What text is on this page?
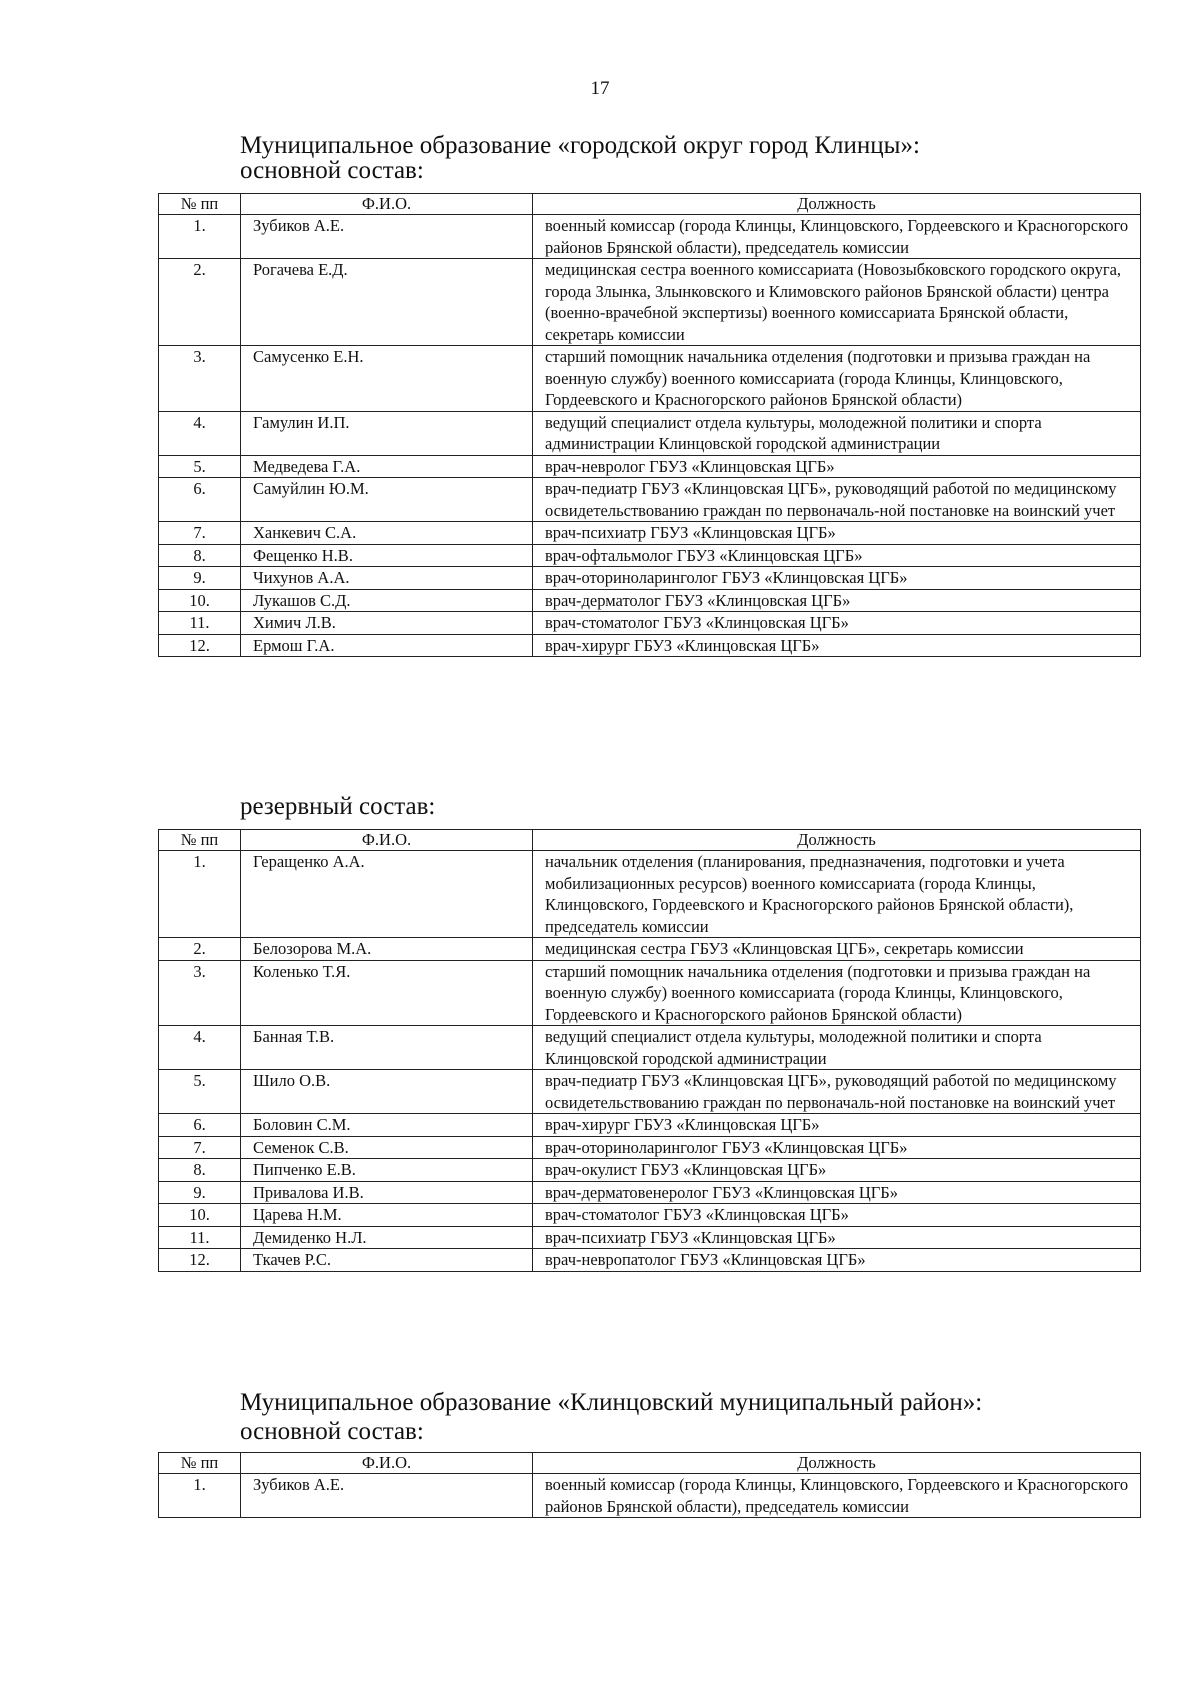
17
Муниципальное образование «городской округ город Клинцы»:
основной состав:
№ пп	Ф.И.О.	Должность
1.	Зубиков А.Е.	военный комиссар (города Клинцы, Клинцовского, Гордеевского и Красногорского районов Брянской области), председатель комиссии
2.	Рогачева Е.Д.	медицинская сестра военного комиссариата (Новозыбковского городского округа, города Злынка, Злынковского и Климовского районов Брянской области) центра (военно-врачебной экспертизы) военного комиссариата Брянской области, секретарь комиссии
3.	Самусенко Е.Н.	старший помощник начальника отделения (подготовки и призыва граждан на военную службу) военного комиссариата (города Клинцы, Клинцовского, Гордеевского и Красногорского районов Брянской области)
4.	Гамулин И.П.	ведущий специалист отдела культуры, молодежной политики и спорта администрации Клинцовской городской администрации
5.	Медведева Г.А.	врач-невролог ГБУЗ «Клинцовская ЦГБ»
6.	Самуйлин Ю.М.	врач-педиатр ГБУЗ «Клинцовская ЦГБ», руководящий работой по медицинскому освидетельствованию граждан по первоначаль-ной постановке на воинский учет
7.	Ханкевич С.А.	врач-психиатр ГБУЗ «Клинцовская ЦГБ»
8.	Фещенко Н.В.	врач-офтальмолог ГБУЗ «Клинцовская ЦГБ»
9.	Чихунов А.А.	врач-оториноларинголог ГБУЗ «Клинцовская ЦГБ»
10.	Лукашов С.Д.	врач-дерматолог ГБУЗ «Клинцовская ЦГБ»
11.	Химич Л.В.	врач-стоматолог ГБУЗ «Клинцовская ЦГБ»
12.	Ермош Г.А.	врач-хирург ГБУЗ «Клинцовская ЦГБ»
резервный состав:
№ пп	Ф.И.О.	Должность
1.	Геращенко А.А.	начальник отделения (планирования, предназначения, подготовки и учета мобилизационных ресурсов) военного комиссариата (города Клинцы, Клинцовского, Гордеевского и Красногорского районов Брянской области), председатель комиссии
2.	Белозорова М.А.	медицинская сестра ГБУЗ «Клинцовская ЦГБ», секретарь комиссии
3.	Коленько Т.Я.	старший помощник начальника отделения (подготовки и призыва граждан на военную службу) военного комиссариата (города Клинцы, Клинцовского, Гордеевского и Красногорского районов Брянской области)
4.	Банная Т.В.	ведущий специалист отдела культуры, молодежной политики и спорта Клинцовской городской администрации
5.	Шило О.В.	врач-педиатр ГБУЗ «Клинцовская ЦГБ», руководящий работой по медицинскому освидетельствованию граждан по первоначаль-ной постановке на воинский учет
6.	Боловин С.М.	врач-хирург ГБУЗ «Клинцовская ЦГБ»
7.	Семенок С.В.	врач-оториноларинголог ГБУЗ «Клинцовская ЦГБ»
8.	Пипченко Е.В.	врач-окулист ГБУЗ «Клинцовская ЦГБ»
9.	Привалова И.В.	врач-дерматовенеролог ГБУЗ «Клинцовская ЦГБ»
10.	Царева Н.М.	врач-стоматолог ГБУЗ «Клинцовская ЦГБ»
11.	Демиденко Н.Л.	врач-психиатр ГБУЗ «Клинцовская ЦГБ»
12.	Ткачев Р.С.	врач-невропатолог ГБУЗ «Клинцовская ЦГБ»
Муниципальное образование «Клинцовский муниципальный район»:
основной состав:
№ пп	Ф.И.О.	Должность
1.	Зубиков А.Е.	военный комиссар (города Клинцы, Клинцовского, Гордеевского и Красногорского районов Брянской области), председатель комиссии
